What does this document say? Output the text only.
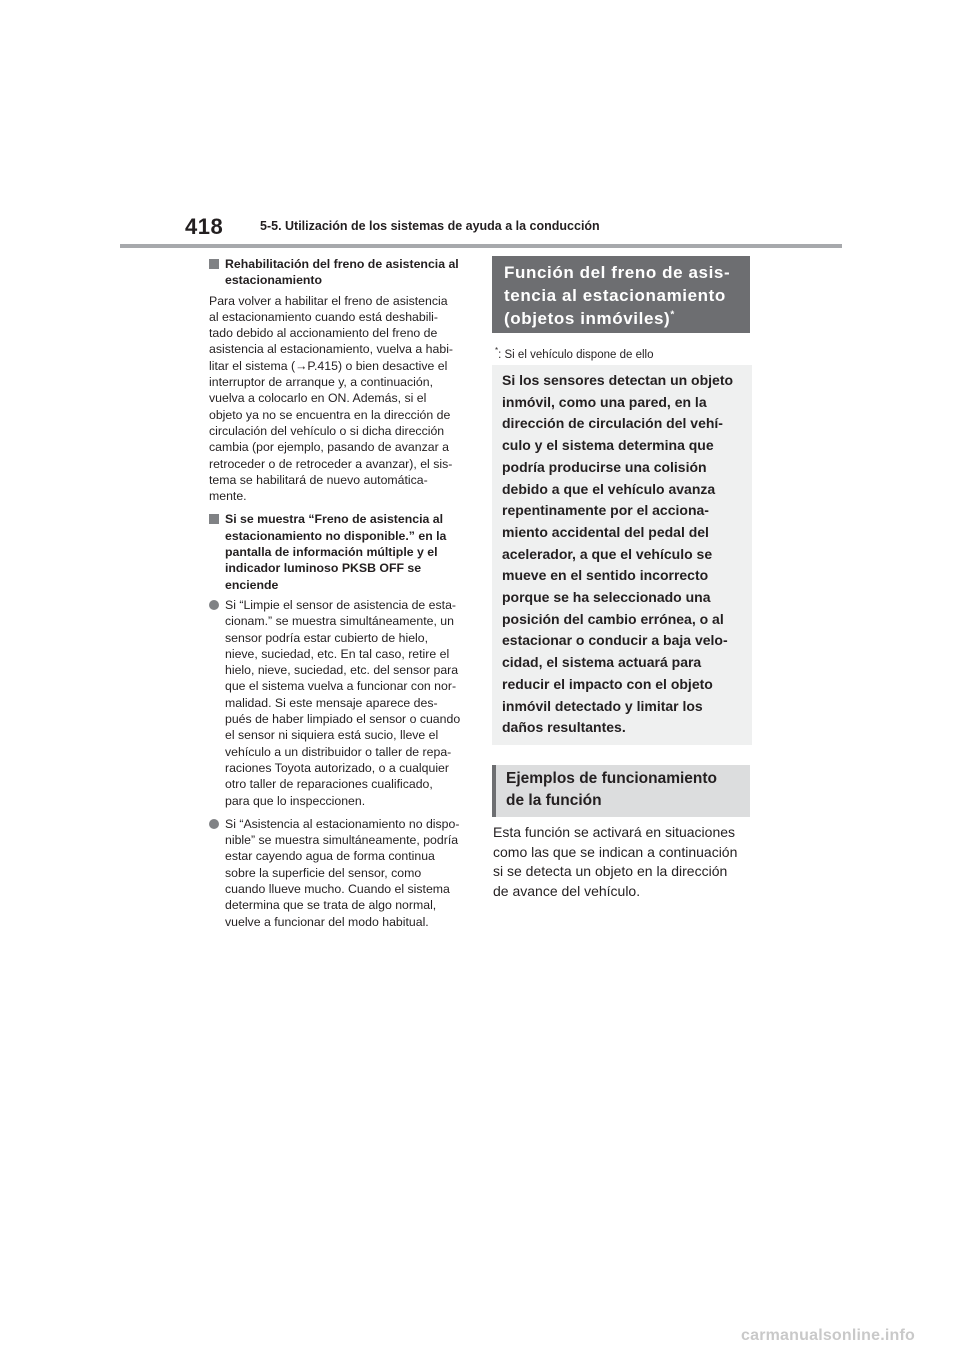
418	5-5. Utilización de los sistemas de ayuda a la conducción
Rehabilitación del freno de asistencia al
estacionamiento
Para volver a habilitar el freno de asistencia
al estacionamiento cuando está deshabili-
tado debido al accionamiento del freno de
asistencia al estacionamiento, vuelva a habi-
litar el sistema (→P.415) o bien desactive el
interruptor de arranque y, a continuación,
vuelva a colocarlo en ON. Además, si el
objeto ya no se encuentra en la dirección de
circulación del vehículo o si dicha dirección
cambia (por ejemplo, pasando de avanzar a
retroceder o de retroceder a avanzar), el sis-
tema se habilitará de nuevo automática-
mente.
Si se muestra “Freno de asistencia al
estacionamiento no disponible.” en la
pantalla de información múltiple y el
indicador luminoso PKSB OFF se
enciende
Si “Limpie el sensor de asistencia de esta-
cionam.” se muestra simultáneamente, un
sensor podría estar cubierto de hielo,
nieve, suciedad, etc. En tal caso, retire el
hielo, nieve, suciedad, etc. del sensor para
que el sistema vuelva a funcionar con nor-
malidad. Si este mensaje aparece des-
pués de haber limpiado el sensor o cuando
el sensor ni siquiera está sucio, lleve el
vehículo a un distribuidor o taller de repa-
raciones Toyota autorizado, o a cualquier
otro taller de reparaciones cualificado,
para que lo inspeccionen.
Si “Asistencia al estacionamiento no dispo-
nible” se muestra simultáneamente, podría
estar cayendo agua de forma continua
sobre la superficie del sensor, como
cuando llueve mucho. Cuando el sistema
determina que se trata de algo normal,
vuelve a funcionar del modo habitual.
Función del freno de asis-
tencia al estacionamiento
(objetos inmóviles)*
*: Si el vehículo dispone de ello
Si los sensores detectan un objeto
inmóvil, como una pared, en la
dirección de circulación del vehí-
culo y el sistema determina que
podría producirse una colisión
debido a que el vehículo avanza
repentinamente por el acciona-
miento accidental del pedal del
acelerador, a que el vehículo se
mueve en el sentido incorrecto
porque se ha seleccionado una
posición del cambio errónea, o al
estacionar o conducir a baja velo-
cidad, el sistema actuará para
reducir el impacto con el objeto
inmóvil detectado y limitar los
daños resultantes.
Ejemplos de funcionamiento
de la función
Esta función se activará en situaciones
como las que se indican a continuación
si se detecta un objeto en la dirección
de avance del vehículo.
carmanualsonline.info
